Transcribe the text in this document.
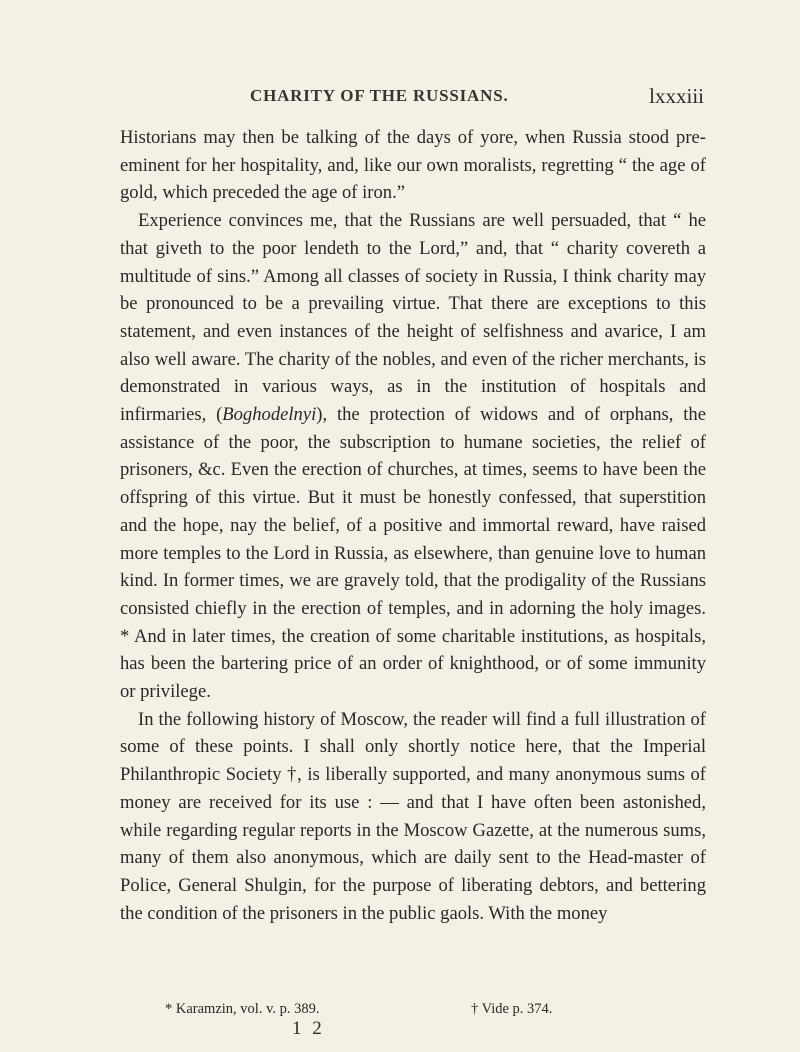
CHARITY OF THE RUSSIANS.	lxxxiii

Historians may then be talking of the days of yore, when Russia stood pre-eminent for her hospitality, and, like our own moralists, regretting “ the age of gold, which preceded the age of iron.”

Experience convinces me, that the Russians are well persuaded, that “ he that giveth to the poor lendeth to the Lord,” and, that “ charity covereth a multitude of sins.” Among all classes of society in Russia, I think charity may be pronounced to be a prevailing virtue. That there are exceptions to this statement, and even instances of the height of selfishness and avarice, I am also well aware. The charity of the nobles, and even of the richer merchants, is demonstrated in various ways, as in the institution of hospitals and infirmaries, (Boghodelnyi), the protection of widows and of orphans, the assistance of the poor, the subscription to humane societies, the relief of prisoners, &c. Even the erection of churches, at times, seems to have been the offspring of this virtue. But it must be honestly confessed, that superstition and the hope, nay the belief, of a positive and immortal reward, have raised more temples to the Lord in Russia, as elsewhere, than genuine love to human kind. In former times, we are gravely told, that the prodigality of the Russians consisted chiefly in the erection of temples, and in adorning the holy images. * And in later times, the creation of some charitable institutions, as hospitals, has been the bartering price of an order of knighthood, or of some immunity or privilege.

In the following history of Moscow, the reader will find a full illustration of some of these points. I shall only shortly notice here, that the Imperial Philanthropic Society †, is liberally supported, and many anonymous sums of money are received for its use : — and that I have often been astonished, while regarding regular reports in the Moscow Gazette, at the numerous sums, many of them also anonymous, which are daily sent to the Head-master of Police, General Shulgin, for the purpose of liberating debtors, and bettering the condition of the prisoners in the public gaols. With the money

* Karamzin, vol. v. p. 389.	† Vide p. 374.
1 2
